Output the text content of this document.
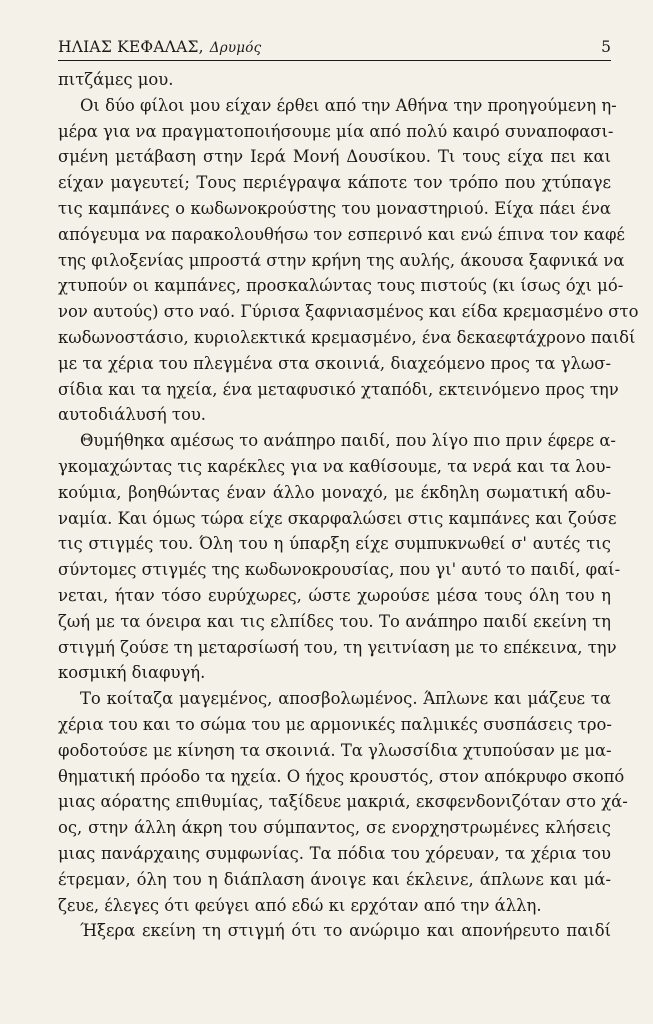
ΗΛΙΑΣ ΚΕΦΑΛΑΣ, Δρυμός	5

πιτζάμες μου.

Οι δύο φίλοι μου είχαν έρθει από την Αθήνα την προηγούμενη η-
μέρα για να πραγματοποιήσουμε μία από πολύ καιρό συναποφασι-
σμένη μετάβαση στην Ιερά Μονή Δουσίκου. Τι τους είχα πει και
είχαν μαγευτεί; Τους περιέγραψα κάποτε τον τρόπο που χτύπαγε
τις καμπάνες ο κωδωνοκρούστης του μοναστηριού. Είχα πάει ένα
απόγευμα να παρακολουθήσω τον εσπερινό και ενώ έπινα τον καφέ
της φιλοξενίας μπροστά στην κρήνη της αυλής, άκουσα ξαφνικά να
χτυπούν οι καμπάνες, προσκαλώντας τους πιστούς (κι ίσως όχι μό-
νον αυτούς) στο ναό. Γύρισα ξαφνιασμένος και είδα κρεμασμένο στο
κωδωνοστάσιο, κυριολεκτικά κρεμασμένο, ένα δεκαεφτάχρονο παιδί
με τα χέρια του πλεγμένα στα σκοινιά, διαχεόμενο προς τα γλωσ-
σίδια και τα ηχεία, ένα μεταφυσικό χταπόδι, εκτεινόμενο προς την
αυτοδιάλυσή του.

Θυμήθηκα αμέσως το ανάπηρο παιδί, που λίγο πιο πριν έφερε α-
γκομαχώντας τις καρέκλες για να καθίσουμε, τα νερά και τα λου-
κούμια, βοηθώντας έναν άλλο μοναχό, με έκδηλη σωματική αδυ-
ναμία. Και όμως τώρα είχε σκαρφαλώσει στις καμπάνες και ζούσε
τις στιγμές του. Όλη του η ύπαρξη είχε συμπυκνωθεί σ' αυτές τις
σύντομες στιγμές της κωδωνοκρουσίας, που γι' αυτό το παιδί, φαί-
νεται, ήταν τόσο ευρύχωρες, ώστε χωρούσε μέσα τους όλη του η
ζωή με τα όνειρα και τις ελπίδες του. Το ανάπηρο παιδί εκείνη τη
στιγμή ζούσε τη μεταρσίωσή του, τη γειτνίαση με το επέκεινα, την
κοσμική διαφυγή.

Το κοίταζα μαγεμένος, αποσβολωμένος. Άπλωνε και μάζευε τα
χέρια του και το σώμα του με αρμονικές παλμικές συσπάσεις τρο-
φοδοτούσε με κίνηση τα σκοινιά. Τα γλωσσίδια χτυπούσαν με μα-
θηματική πρόοδο τα ηχεία. Ο ήχος κρουστός, στον απόκρυφο σκοπό
μιας αόρατης επιθυμίας, ταξίδευε μακριά, εκσφενδονιζόταν στο χά-
ος, στην άλλη άκρη του σύμπαντος, σε ενορχηστρωμένες κλήσεις
μιας πανάρχαιης συμφωνίας. Τα πόδια του χόρευαν, τα χέρια του
έτρεμαν, όλη του η διάπλαση άνοιγε και έκλεινε, άπλωνε και μά-
ζευε, έλεγες ότι φεύγει από εδώ κι ερχόταν από την άλλη.

Ήξερα εκείνη τη στιγμή ότι το ανώριμο και απονήρευτο παιδί
